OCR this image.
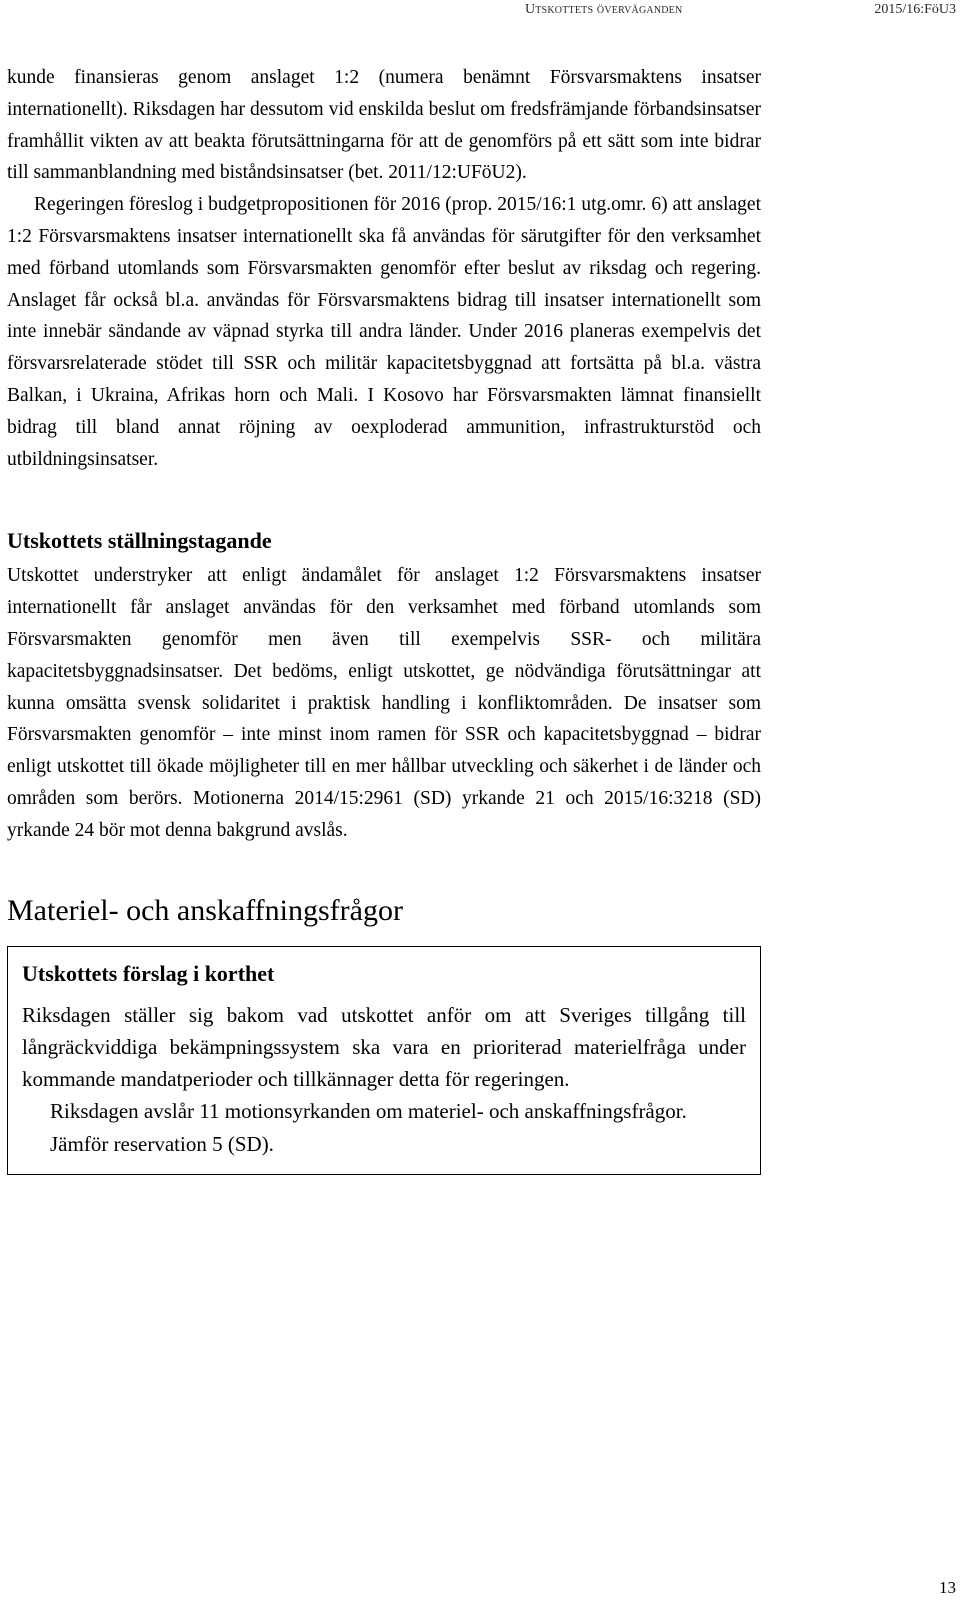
Utskottets överväganden	2015/16:FöU3

kunde finansieras genom anslaget 1:2 (numera benämnt Försvarsmaktens insatser internationellt). Riksdagen har dessutom vid enskilda beslut om fredsfrämjande förbandsinsatser framhållit vikten av att beakta förutsättningarna för att de genomförs på ett sätt som inte bidrar till sammanblandning med biståndsinsatser (bet. 2011/12:UFöU2).

Regeringen föreslog i budgetpropositionen för 2016 (prop. 2015/16:1 utg.omr. 6) att anslaget 1:2 Försvarsmaktens insatser internationellt ska få användas för särutgifter för den verksamhet med förband utomlands som Försvarsmakten genomför efter beslut av riksdag och regering. Anslaget får också bl.a. användas för Försvarsmaktens bidrag till insatser internationellt som inte innebär sändande av väpnad styrka till andra länder. Under 2016 planeras exempelvis det försvarsrelaterade stödet till SSR och militär kapacitetsbyggnad att fortsätta på bl.a. västra Balkan, i Ukraina, Afrikas horn och Mali. I Kosovo har Försvarsmakten lämnat finansiellt bidrag till bland annat röjning av oexploderad ammunition, infrastrukturstöd och utbildningsinsatser.

Utskottets ställningstagande

Utskottet understryker att enligt ändamålet för anslaget 1:2 Försvarsmaktens insatser internationellt får anslaget användas för den verksamhet med förband utomlands som Försvarsmakten genomför men även till exempelvis SSR- och militära kapacitetsbyggnadsinsatser. Det bedöms, enligt utskottet, ge nödvändiga förutsättningar att kunna omsätta svensk solidaritet i praktisk handling i konfliktområden. De insatser som Försvarsmakten genomför – inte minst inom ramen för SSR och kapacitetsbyggnad – bidrar enligt utskottet till ökade möjligheter till en mer hållbar utveckling och säkerhet i de länder och områden som berörs. Motionerna 2014/15:2961 (SD) yrkande 21 och 2015/16:3218 (SD) yrkande 24 bör mot denna bakgrund avslås.

Materiel- och anskaffningsfrågor
Utskottets förslag i korthet

Riksdagen ställer sig bakom vad utskottet anför om att Sveriges tillgång till långräckviddiga bekämpningssystem ska vara en prioriterad materielfråga under kommande mandatperioder och tillkännager detta för regeringen.

Riksdagen avslår 11 motionsyrkanden om materiel- och anskaffningsfrågor.

Jämför reservation 5 (SD).

13
